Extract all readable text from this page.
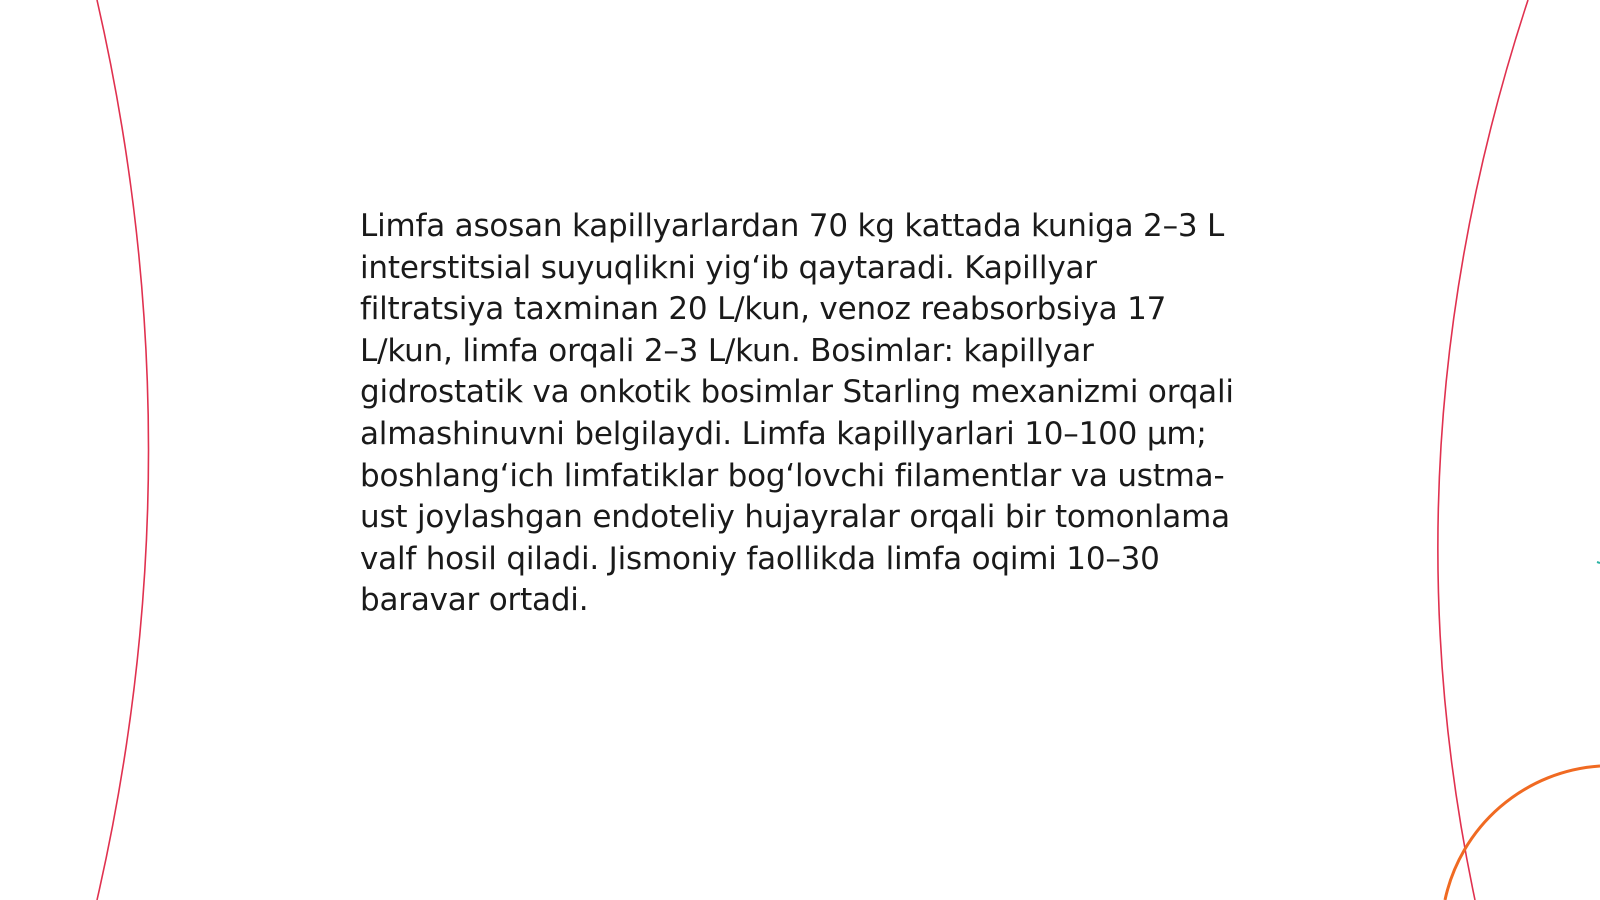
Limfa asosan kapillyarlardan 70 kg kattada kuniga 2–3 L interstitsial suyuqlikni yig‘ib qaytaradi. Kapillyar filtratsiya taxminan 20 L/kun, venoz reabsorbsiya 17 L/kun, limfa orqali 2–3 L/kun. Bosimlar: kapillyar gidrostatik va onkotik bosimlar Starling mexanizmi orqali almashinuvni belgilaydi. Limfa kapillyarlari 10–100 µm; boshlang‘ich limfatiklar bog‘lovchi filamentlar va ustma-ust joylashgan endoteliy hujayralar orqali bir tomonlama valf hosil qiladi. Jismoniy faollikda limfa oqimi 10–30 baravar ortadi.
